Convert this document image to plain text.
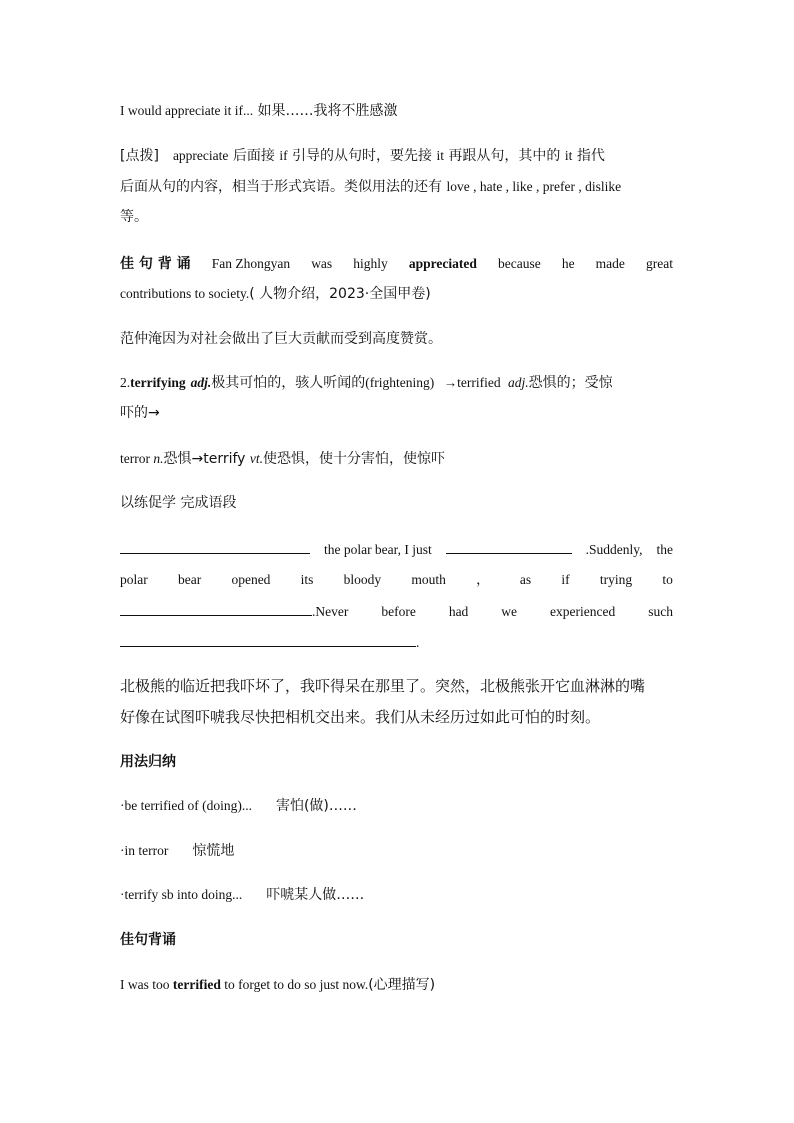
I would appreciate it if... 如果……我将不胜感激
[点拨] appreciate 后面接 if 引导的从句时，要先接 it 再跟从句，其中的 it 指代
后面从句的内容，相当于形式宾语。类似用法的还有 love , hate , like , prefer , dislike
等。
佳 句 背 诵 Fan Zhongyan was highly appreciated because he made great
contributions to society.( 人物介绍，2023·全国甲卷)
范仲淹因为对社会做出了巨大贡献而受到高度赞赏。
2.terrifying adj.极其可怕的，骇人听闻的(frightening) →terrified adj.恐惧的；受惊
吓的→
terror n.恐惧→terrify vt.使恐惧，使十分害怕，使惊吓
以练促学 完成语段
the polar bear, I just	.Suddenly, the
polar bear opened its bloody mouth ， as if trying to
.Never before had we experienced such
.
北极熊的临近把我吓坏了，我吓得呆在那里了。突然，北极熊张开它血淋淋的嘴
好像在试图吓唬我尽快把相机交出来。我们从未经历过如此可怕的时刻。
用法归纳
·be terrified of (doing)... 害怕(做)……
·in terror 惊慌地
·terrify sb into doing... 吓唬某人做……
佳句背诵
I was too terrified to forget to do so just now.(心理描写)
